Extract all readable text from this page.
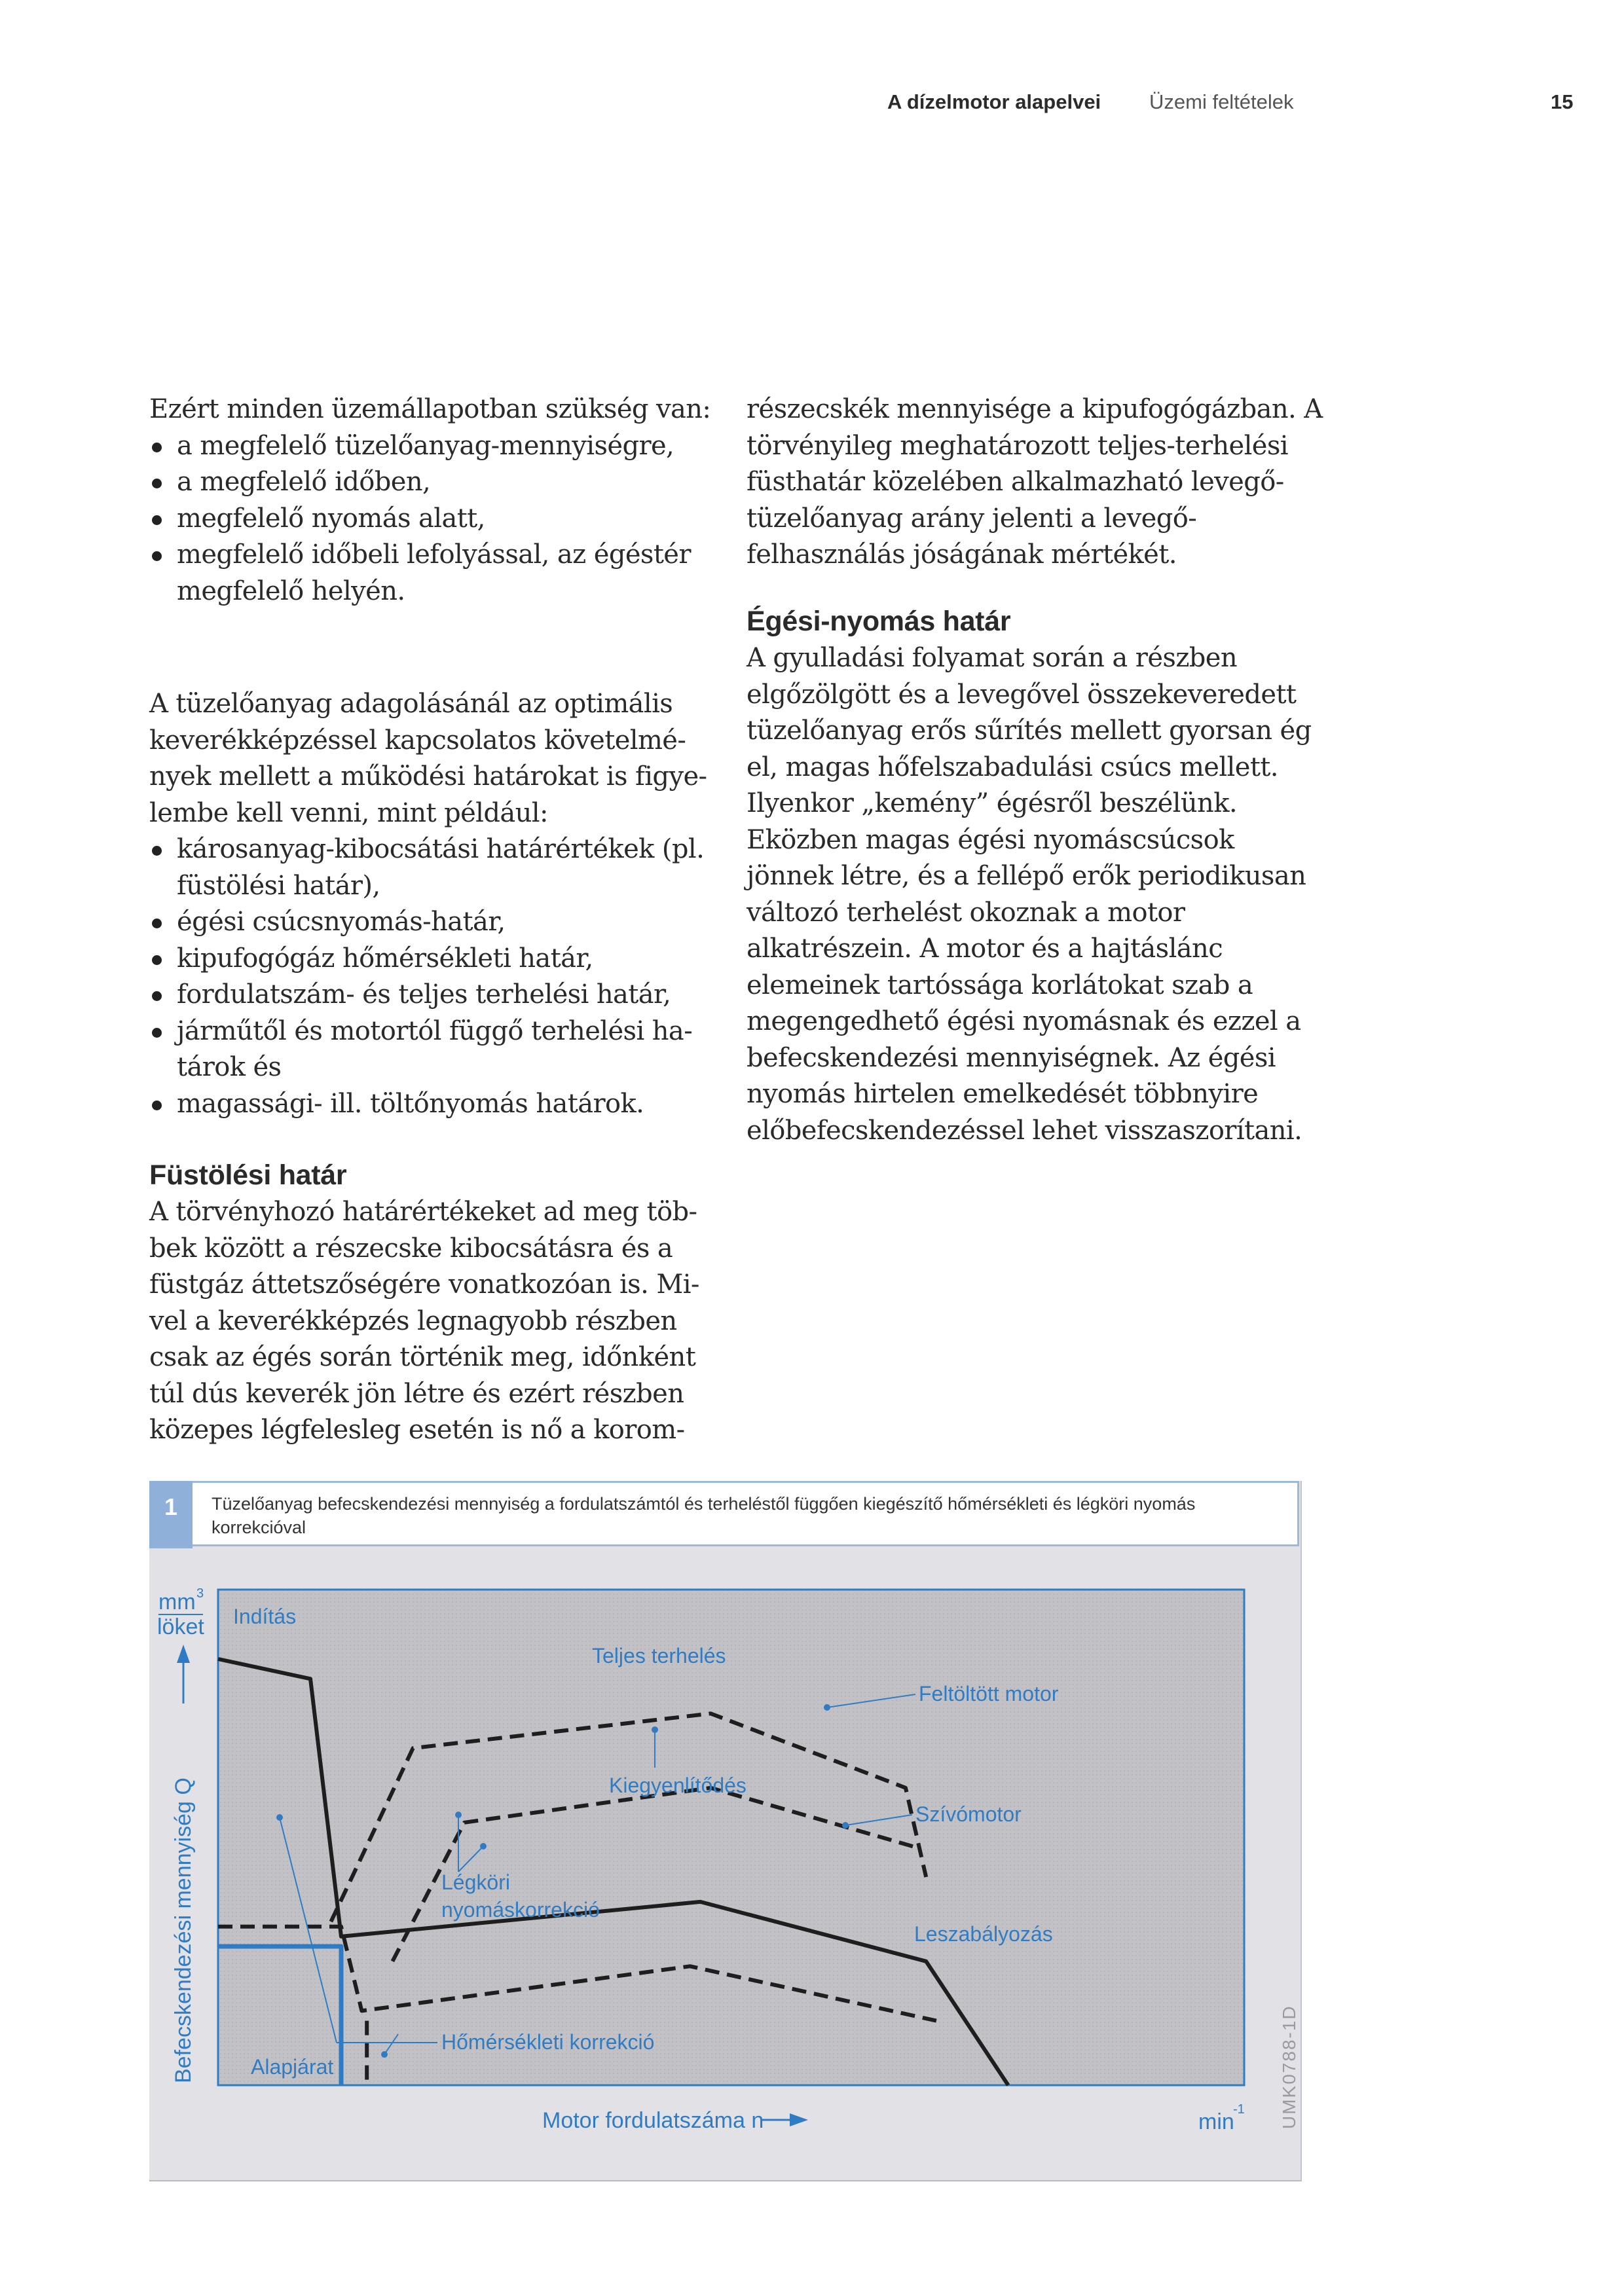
A dízelmotor alapelvei Üzemi feltételek	15

Ezért minden üzemállapotban szükség van:

a megfelelő tüzelőanyag-mennyiségre,
a megfelelő időben,
megfelelő nyomás alatt,
megfelelő időbeli lefolyással, az égéstér megfelelő helyén.

A tüzelőanyag adagolásánál az optimális keverékképzéssel kapcsolatos követelmények mellett a működési határokat is figyelembe kell venni, mint például:

károsanyag-kibocsátási határértékek (pl. füstölési határ),
égési csúcsnyomás-határ,
kipufogógáz hőmérsékleti határ,
fordulatszám- és teljes terhelési határ,
járműtől és motortól függő terhelési határok és
magassági- ill. töltőnyomás határok.
Füstölési határ

A törvényhozó határértékeket ad meg többek között a részecske kibocsátásra és a füstgáz áttetszőségére vonatkozóan is. Mivel a keverékképzés legnagyobb részben csak az égés során történik meg, időnként túl dús keverék jön létre és ezért részben közepes légfelesleg esetén is nő a korom-

részecskék mennyisége a kipufogógázban. A törvényileg meghatározott teljes-terhelési füsthatár közelében alkalmazható levegő-tüzelőanyag arány jelenti a levegő-felhasználás jóságának mértékét.

Égési-nyomás határ

A gyulladási folyamat során a részben elgőzölgött és a levegővel összekeveredett tüzelőanyag erős sűrítés mellett gyorsan ég el, magas hőfelszabadulási csúcs mellett. Ilyenkor „kemény” égésről beszélünk. Eközben magas égési nyomáscsúcsok jönnek létre, és a fellépő erők periodikusan változó terhelést okoznak a motor alkatrészein. A motor és a hajtáslánc elemeinek tartóssága korlátokat szab a megengedhető égési nyomásnak és ezzel a befecskendezési mennyiségnek. Az égési nyomás hirtelen emelkedését többnyire előbefecskendezéssel lehet visszaszorítani.

1	Tüzelőanyag befecskendezési mennyiség a fordulatszámtól és terheléstől függően kiegészítő hőmérsékleti és légköri nyomás korrekcióval
Indítás
Teljes terhelés
Feltöltött motor
Kiegyenlítődés
Szívómotor
Légköri
nyomáskorrekció
Hőmérsékleti korrekció
Leszabályozás
Alapjárat
mm 3
löket
Befecskendezési mennyiség Q
Motor fordulatszáma n	min
-1 UMK0788-1D
